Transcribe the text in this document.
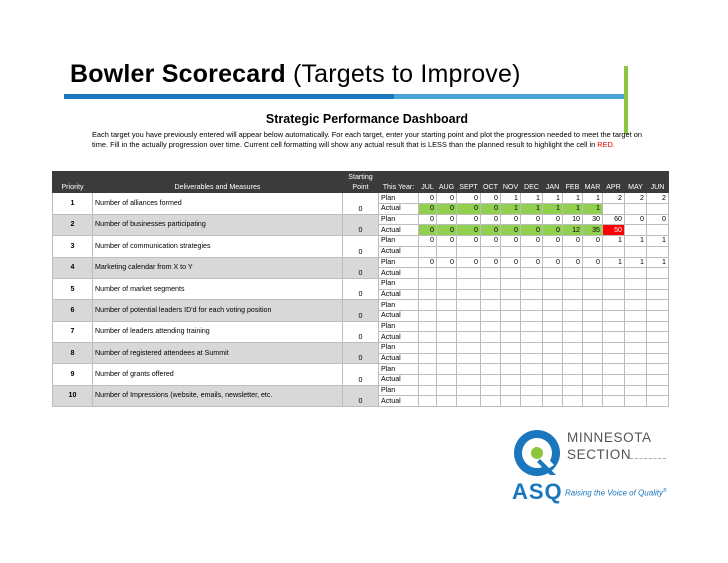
Bowler Scorecard (Targets to Improve)
Strategic Performance Dashboard
Each target you have previously entered will appear below automatically. For each target, enter your starting point and plot the progression needed to meet the target on time. Fill in the actually progression over time. Current cell formatting will show any actual result that is LESS than the planned result to highlight the cell in RED.
		Starting													
Priority	Deliverables and Measures	Point	This Year:	JUL	AUG	SEPT	OCT	NOV	DEC	JAN	FEB	MAR	APR	MAY	JUN
1	Number of alliances formed	0	Plan	0	0	0	0	1	1	1	1	1	2	2	2
			Actual	0	0	0	0	1	1	1	1	1			
2	Number of businesses participating	0	Plan	0	0	0	0	0	0	0	10	30	60	0	0
			Actual	0	0	0	0	0	0	0	12	35	50		
3	Number of communication strategies	0	Plan	0	0	0	0	0	0	0	0	0	1	1	1
			Actual												
4	Marketing calendar from X to Y	0	Plan	0	0	0	0	0	0	0	0	0	1	1	1
			Actual												
5	Number of market segments	0	Plan												
			Actual												
6	Number of potential leaders ID'd for each voting position	0	Plan												
			Actual												
7	Number of leaders attending training	0	Plan												
			Actual												
8	Number of registered attendees at Summit	0	Plan												
			Actual												
9	Number of grants offered	0	Plan												
			Actual												
10	Number of Impressions (website, emails, newsletter, etc.	0	Plan												
			Actual												
ASQ
MINNESOTA
SECTION
Raising the Voice of Quality®
